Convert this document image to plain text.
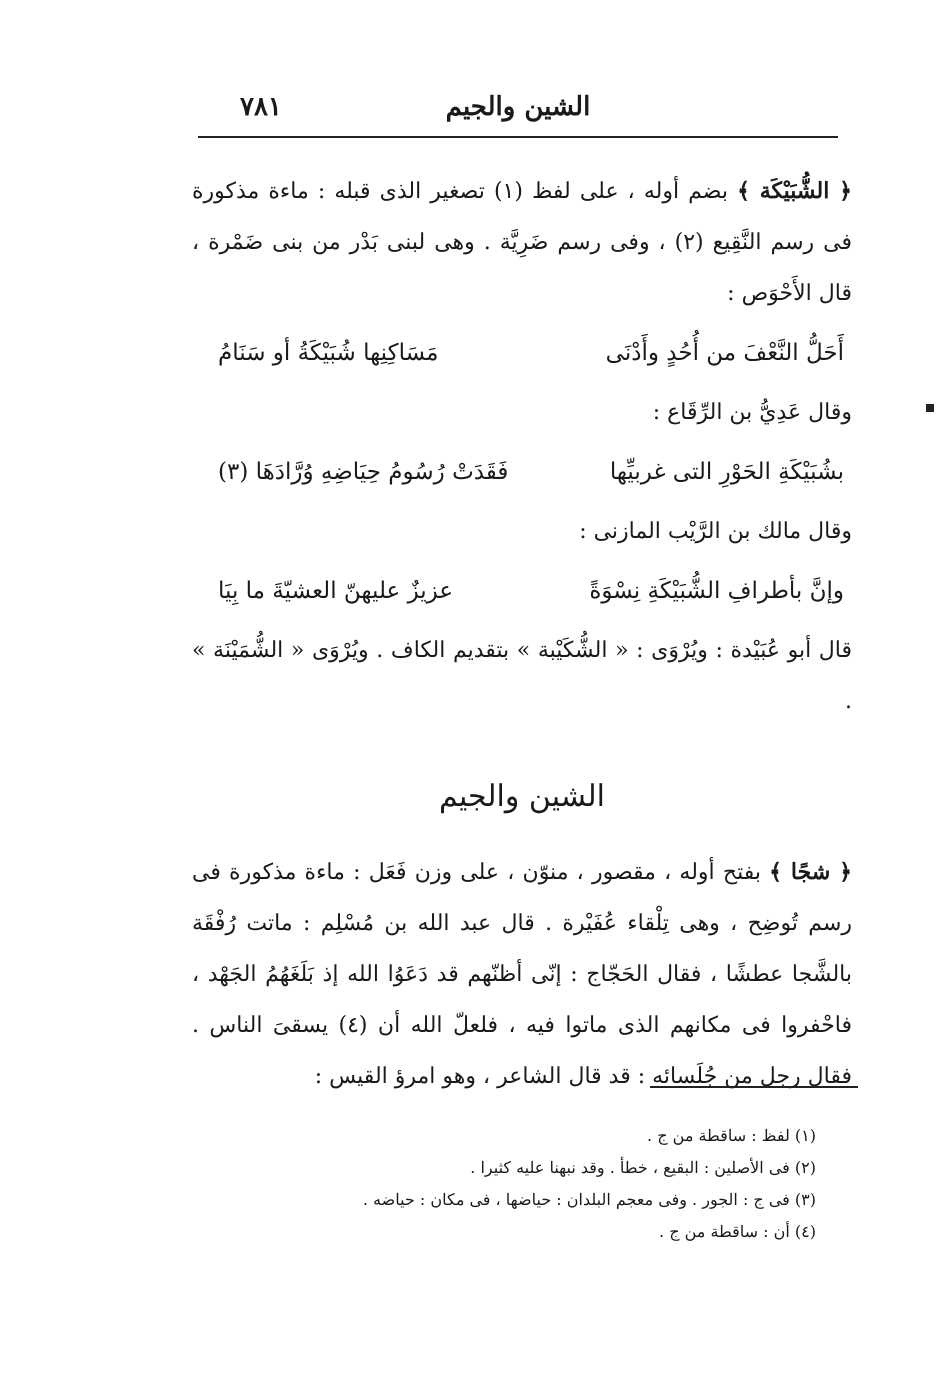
٧٨١	الشين والجيم

﴿ الشُّبَيْكَة ﴾ بضم أوله ، على لفظ (١) تصغير الذى قبله : ماءة مذكورة فى رسم النَّقِيع (٢) ، وفى رسم ضَرِيَّة . وهى لبنى بَدْر من بنى ضَمْرة ، قال الأَحْوَص :

أَحَلُّ النَّعْفَ من أُحُدٍ وأَدْنَى
مَسَاكِنِها شُبَيْكَةُ أو سَنَامُ

وقال عَدِيُّ بن الرِّقَاع :

بشُبَيْكَةِ الحَوْرِ التى غربيِّها
فَقَدَتْ رُسُومُ حِيَاضِهِ وُرَّادَهَا (٣)

وقال مالك بن الرَّيْب المازنى :

وإنَّ بأطرافِ الشُّبَيْكَةِ نِسْوَةً
عزيزٌ عليهنّ العشيّةَ ما بِيَا

قال أبو عُبَيْدة : ويُرْوَى : « الشُّكَيْبة » بتقديم الكاف . ويُرْوَى « الشُّمَيْنَة » .

الشين والجيم

﴿ شجًا ﴾ بفتح أوله ، مقصور ، منوّن ، على وزن فَعَل : ماءة مذكورة فى رسم تُوضِح ، وهى تِلْقاء عُفَيْرة . قال عبد الله بن مُسْلِم : ماتت رُفْقَة بالشَّجا عطشًا ، فقال الحَجّاج : إنّى أظنّهم قد دَعَوُا الله إذ بَلَغَهُمُ الجَهْد ، فاحْفروا فى مكانهم الذى ماتوا فيه ، فلعلّ الله أن (٤) يسقىَ الناس . فقال رجل من جُلَسائه : قد قال الشاعر ، وهو امرؤ القيس :

(١) لفظ : ساقطة من ج .
(٢) فى الأصلين : البقيع ، خطأ . وقد نبهنا عليه كثيرا .
(٣) فى ج : الجور . وفى معجم البلدان : حياضها ، فى مكان : حياضه .
(٤) أن : ساقطة من ج .
